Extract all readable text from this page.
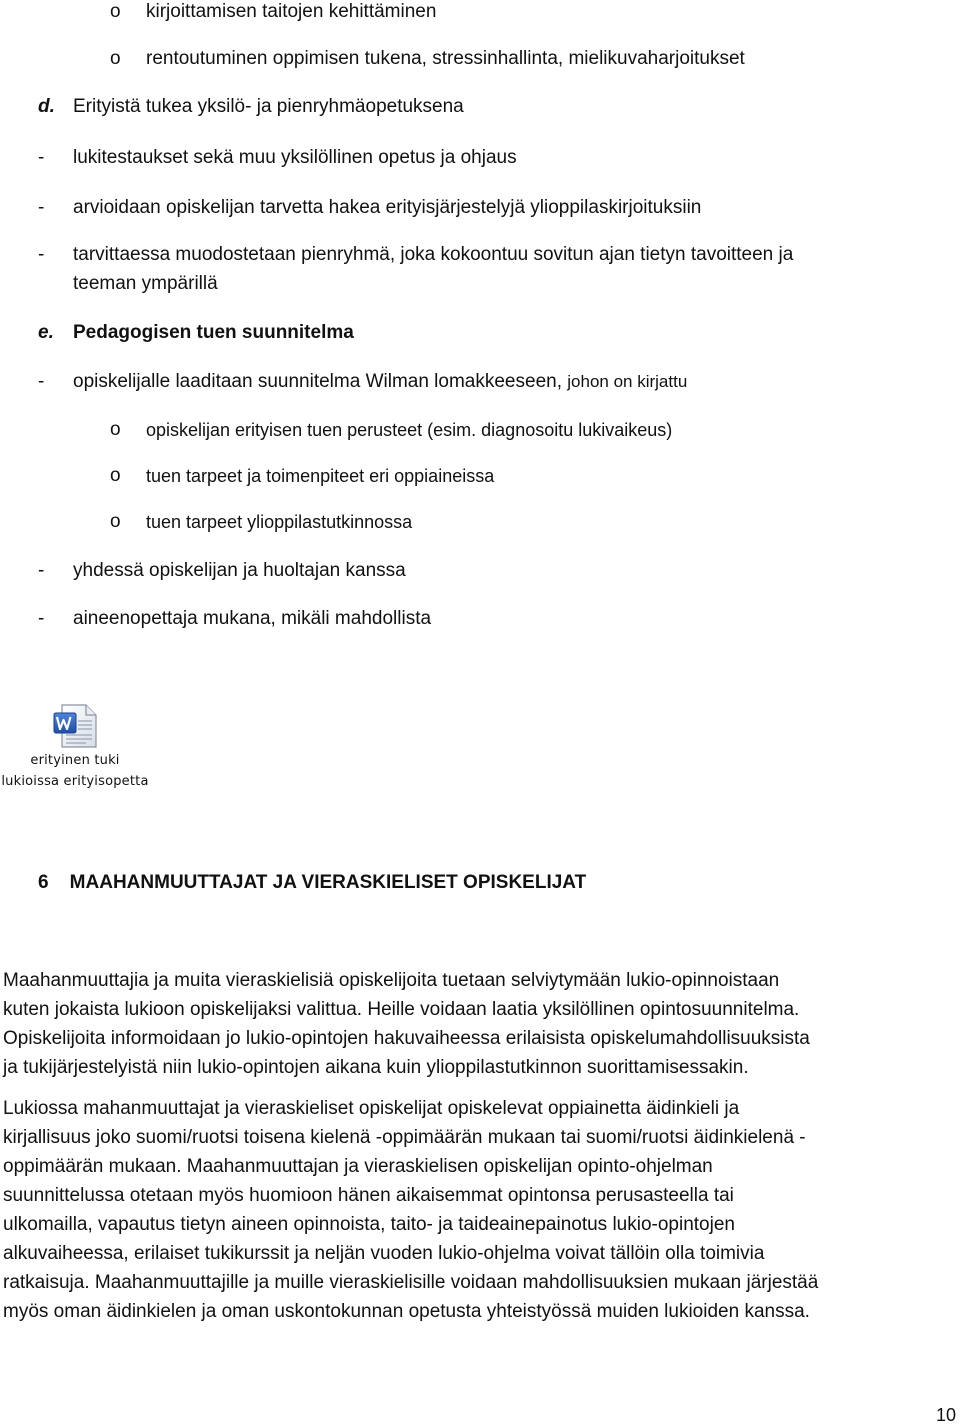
o kirjoittamisen taitojen kehittäminen
o rentoutuminen oppimisen tukena, stressinhallinta, mielikuvaharjoitukset
d. Erityistä tukea yksilö- ja pienryhmäopetuksena
- lukitestaukset sekä muu yksilöllinen opetus ja ohjaus
- arvioidaan opiskelijan tarvetta hakea erityisjärjestelyjä ylioppilaskirjoituksiin
- tarvittaessa muodostetaan pienryhmä, joka kokoontuu sovitun ajan tietyn tavoitteen ja
teeman ympärillä
e. Pedagogisen tuen suunnitelma
- opiskelijalle laaditaan suunnitelma Wilman lomakkeeseen, johon on kirjattu
o opiskelijan erityisen tuen perusteet (esim. diagnosoitu lukivaikeus)
o tuen tarpeet ja toimenpiteet eri oppiaineissa
o tuen tarpeet ylioppilastutkinnossa
- yhdessä opiskelijan ja huoltajan kanssa
- aineenopettaja mukana, mikäli mahdollista
erityinen tuki
lukioissa erityisopetta
6    MAAHANMUUTTAJAT JA VIERASKIELISET OPISKELIJAT
Maahanmuuttajia ja muita vieraskielisiä opiskelijoita tuetaan selviytymään lukio-opinnoistaan
kuten jokaista lukioon opiskelijaksi valittua. Heille voidaan laatia yksilöllinen opintosuunnitelma.
Opiskelijoita informoidaan jo lukio-opintojen hakuvaiheessa erilaisista opiskelumahdollisuuksista
ja tukijärjestelyistä niin lukio-opintojen aikana kuin ylioppilastutkinnon suorittamisessakin.
Lukiossa mahanmuuttajat ja vieraskieliset opiskelijat opiskelevat oppiainetta äidinkieli ja
kirjallisuus joko suomi/ruotsi toisena kielenä -oppimäärän mukaan tai suomi/ruotsi äidinkielenä -
oppimäärän mukaan. Maahanmuuttajan ja vieraskielisen opiskelijan opinto-ohjelman
suunnittelussa otetaan myös huomioon hänen aikaisemmat opintonsa perusasteella tai
ulkomailla, vapautus tietyn aineen opinnoista, taito- ja taideainepainotus lukio-opintojen
alkuvaiheessa, erilaiset tukikurssit ja neljän vuoden lukio-ohjelma voivat tällöin olla toimivia
ratkaisuja. Maahanmuuttajille ja muille vieraskielisille voidaan mahdollisuuksien mukaan järjestää
myös oman äidinkielen ja oman uskontokunnan opetusta yhteistyössä muiden lukioiden kanssa.
10
